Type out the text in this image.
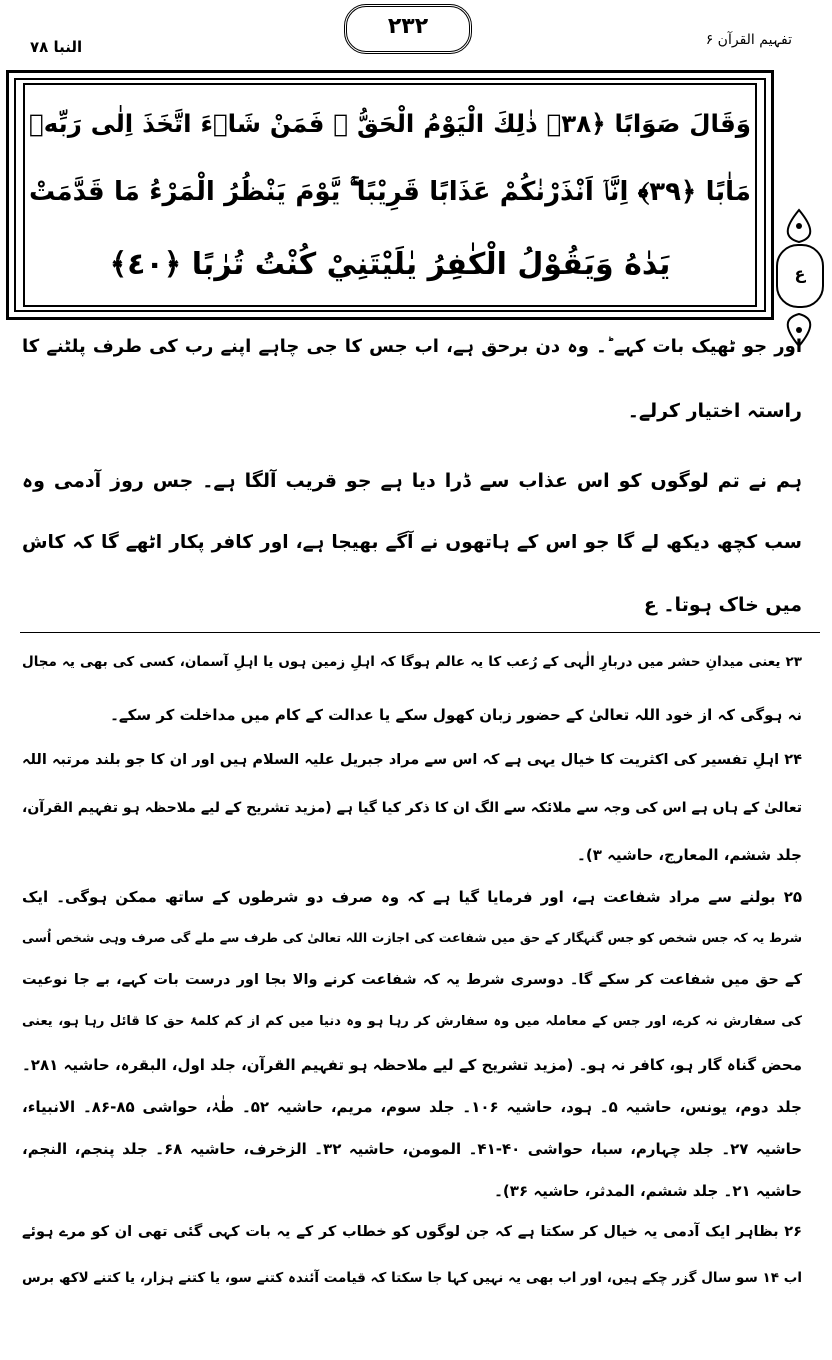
النبا ٧٨
٢٣٢
تفہیم القرآن ۶
وَقَالَ صَوَابًا ﴿٣٨﴾ ذٰلِكَ الْيَوْمُ الْحَقُّ ۚ فَمَنْ شَاۤءَ اتَّخَذَ اِلٰى رَبِّهٖ
مَاٰبًا ﴿٣٩﴾ اِنَّاۤ اَنْذَرْنٰكُمْ عَذَابًا قَرِيْبًا ۚۖ يَّوْمَ يَنْظُرُ الْمَرْءُ مَا قَدَّمَتْ
يَدٰهُ وَيَقُوْلُ الْكٰفِرُ يٰلَيْتَنِيْ كُنْتُ تُرٰبًا ﴿٤٠﴾	ع
اور جو ٹھیک بات کہے ؕ۔ وہ دن برحق ہے، اب جس کا جی چاہے اپنے رب کی طرف پلٹنے کا
راستہ اختیار کرلے۔
ہم نے تم لوگوں کو اس عذاب سے ڈرا دیا ہے جو قریب آلگا ہے۔ جس روز آدمی وہ
سب کچھ دیکھ لے گا جو اس کے ہاتھوں نے آگے بھیجا ہے، اور کافر پکار اٹھے گا کہ کاش
میں خاک ہوتا۔ ع
۲۳ یعنی میدانِ حشر میں دربارِ الٰہی کے رُعب کا یہ عالم ہوگا کہ اہلِ زمین ہوں یا اہلِ آسمان، کسی کی بھی یہ مجال
نہ ہوگی کہ از خود اللہ تعالیٰ کے حضور زبان کھول سکے یا عدالت کے کام میں مداخلت کر سکے۔
۲۴ اہلِ تفسیر کی اکثریت کا خیال یہی ہے کہ اس سے مراد جبریل علیہ السلام ہیں اور ان کا جو بلند مرتبہ اللہ
تعالیٰ کے ہاں ہے اس کی وجہ سے ملائکہ سے الگ ان کا ذکر کیا گیا ہے (مزید تشریح کے لیے ملاحظہ ہو تفہیم القرآن،
جلد ششم، المعارج، حاشیہ ۳)۔
۲۵ بولنے سے مراد شفاعت ہے، اور فرمایا گیا ہے کہ وہ صرف دو شرطوں کے ساتھ ممکن ہوگی۔ ایک
شرط یہ کہ جس شخص کو جس گنہگار کے حق میں شفاعت کی اجازت اللہ تعالیٰ کی طرف سے ملے گی صرف وہی شخص اُسی
کے حق میں شفاعت کر سکے گا۔ دوسری شرط یہ کہ شفاعت کرنے والا بجا اور درست بات کہے، بے جا نوعیت
کی سفارش نہ کرے، اور جس کے معاملہ میں وہ سفارش کر رہا ہو وہ دنیا میں کم از کم کلمۂ حق کا قائل رہا ہو، یعنی
محض گناہ گار ہو، کافر نہ ہو۔ (مزید تشریح کے لیے ملاحظہ ہو تفہیم القرآن، جلد اول، البقرہ، حاشیہ ۲۸۱۔
جلد دوم، یونس، حاشیہ ۵۔ ہود، حاشیہ ۱۰۶۔ جلد سوم، مریم، حاشیہ ۵۲۔ طٰہٰ، حواشی ۸۵-۸۶۔ الانبیاء،
حاشیہ ۲۷۔ جلد چہارم، سبا، حواشی ۴۰-۴۱۔ المومن، حاشیہ ۳۲۔ الزخرف، حاشیہ ۶۸۔ جلد پنجم، النجم،
حاشیہ ۲۱۔ جلد ششم، المدثر، حاشیہ ۳۶)۔
۲۶ بظاہر ایک آدمی یہ خیال کر سکتا ہے کہ جن لوگوں کو خطاب کر کے یہ بات کہی گئی تھی ان کو مرے ہوئے
اب ۱۴ سو سال گزر چکے ہیں، اور اب بھی یہ نہیں کہا جا سکتا کہ قیامت آئندہ کتنے سو، یا کتنے ہزار، یا کتنے لاکھ برس
